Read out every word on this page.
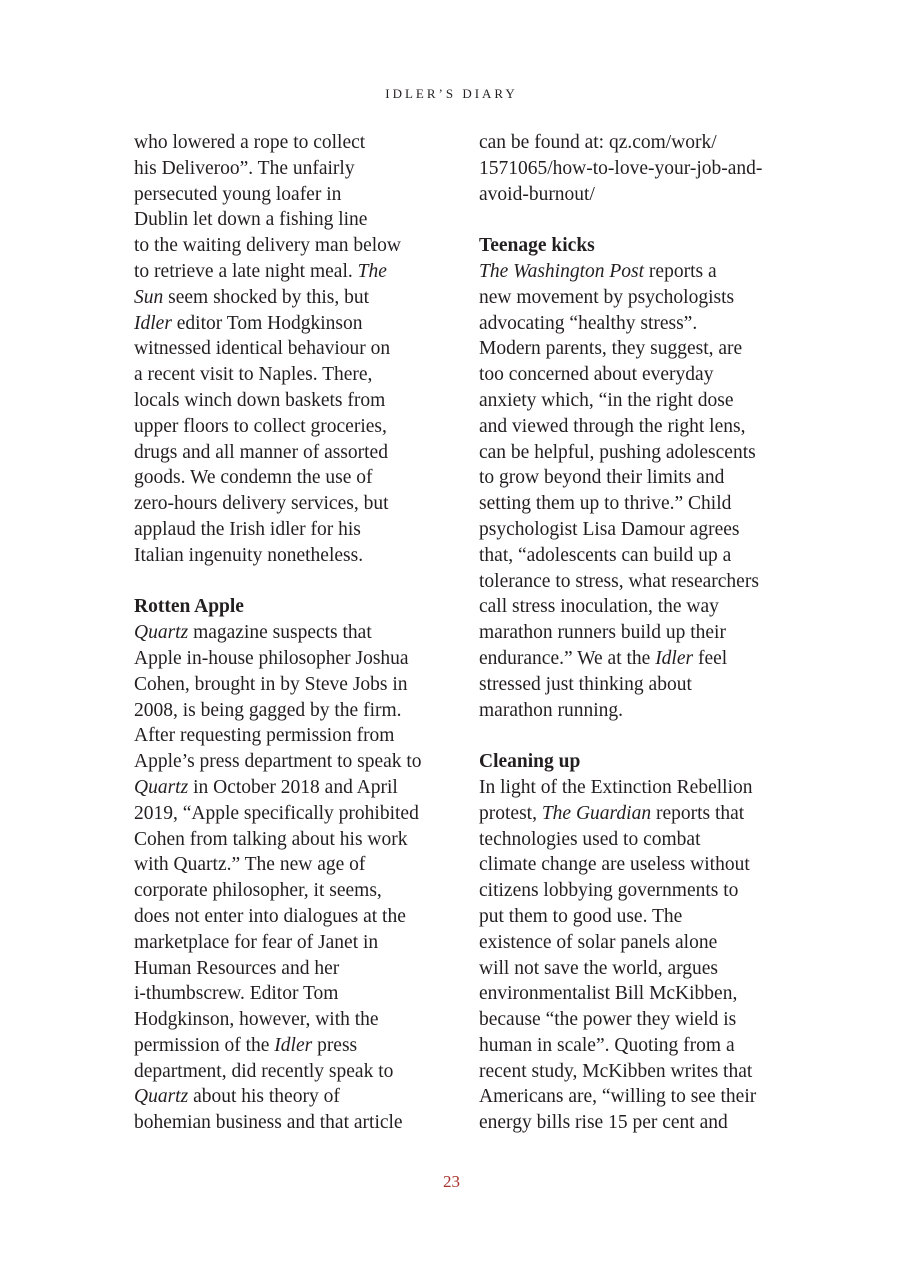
IDLER’S DIARY
who lowered a rope to collect
his Deliveroo”. The unfairly
persecuted young loafer in
Dublin let down a fishing line
to the waiting delivery man below
to retrieve a late night meal. The
Sun seem shocked by this, but
Idler editor Tom Hodgkinson
witnessed identical behaviour on
a recent visit to Naples. There,
locals winch down baskets from
upper floors to collect groceries,
drugs and all manner of assorted
goods. We condemn the use of
zero-hours delivery services, but
applaud the Irish idler for his
Italian ingenuity nonetheless.
Rotten Apple
Quartz magazine suspects that
Apple in-house philosopher Joshua
Cohen, brought in by Steve Jobs in
2008, is being gagged by the firm.
After requesting permission from
Apple’s press department to speak to
Quartz in October 2018 and April
2019, “Apple specifically prohibited
Cohen from talking about his work
with Quartz.” The new age of
corporate philosopher, it seems,
does not enter into dialogues at the
marketplace for fear of Janet in
Human Resources and her
i-thumbscrew. Editor Tom
Hodgkinson, however, with the
permission of the Idler press
department, did recently speak to
Quartz about his theory of
bohemian business and that article
can be found at: qz.com/work/
1571065/how-to-love-your-job-and-
avoid-burnout/
Teenage kicks
The Washington Post reports a
new movement by psychologists
advocating “healthy stress”.
Modern parents, they suggest, are
too concerned about everyday
anxiety which, “in the right dose
and viewed through the right lens,
can be helpful, pushing adolescents
to grow beyond their limits and
setting them up to thrive.” Child
psychologist Lisa Damour agrees
that, “adolescents can build up a
tolerance to stress, what researchers
call stress inoculation, the way
marathon runners build up their
endurance.” We at the Idler feel
stressed just thinking about
marathon running.
Cleaning up
In light of the Extinction Rebellion
protest, The Guardian reports that
technologies used to combat
climate change are useless without
citizens lobbying governments to
put them to good use. The
existence of solar panels alone
will not save the world, argues
environmentalist Bill McKibben,
because “the power they wield is
human in scale”. Quoting from a
recent study, McKibben writes that
Americans are, “willing to see their
energy bills rise 15 per cent and
23
